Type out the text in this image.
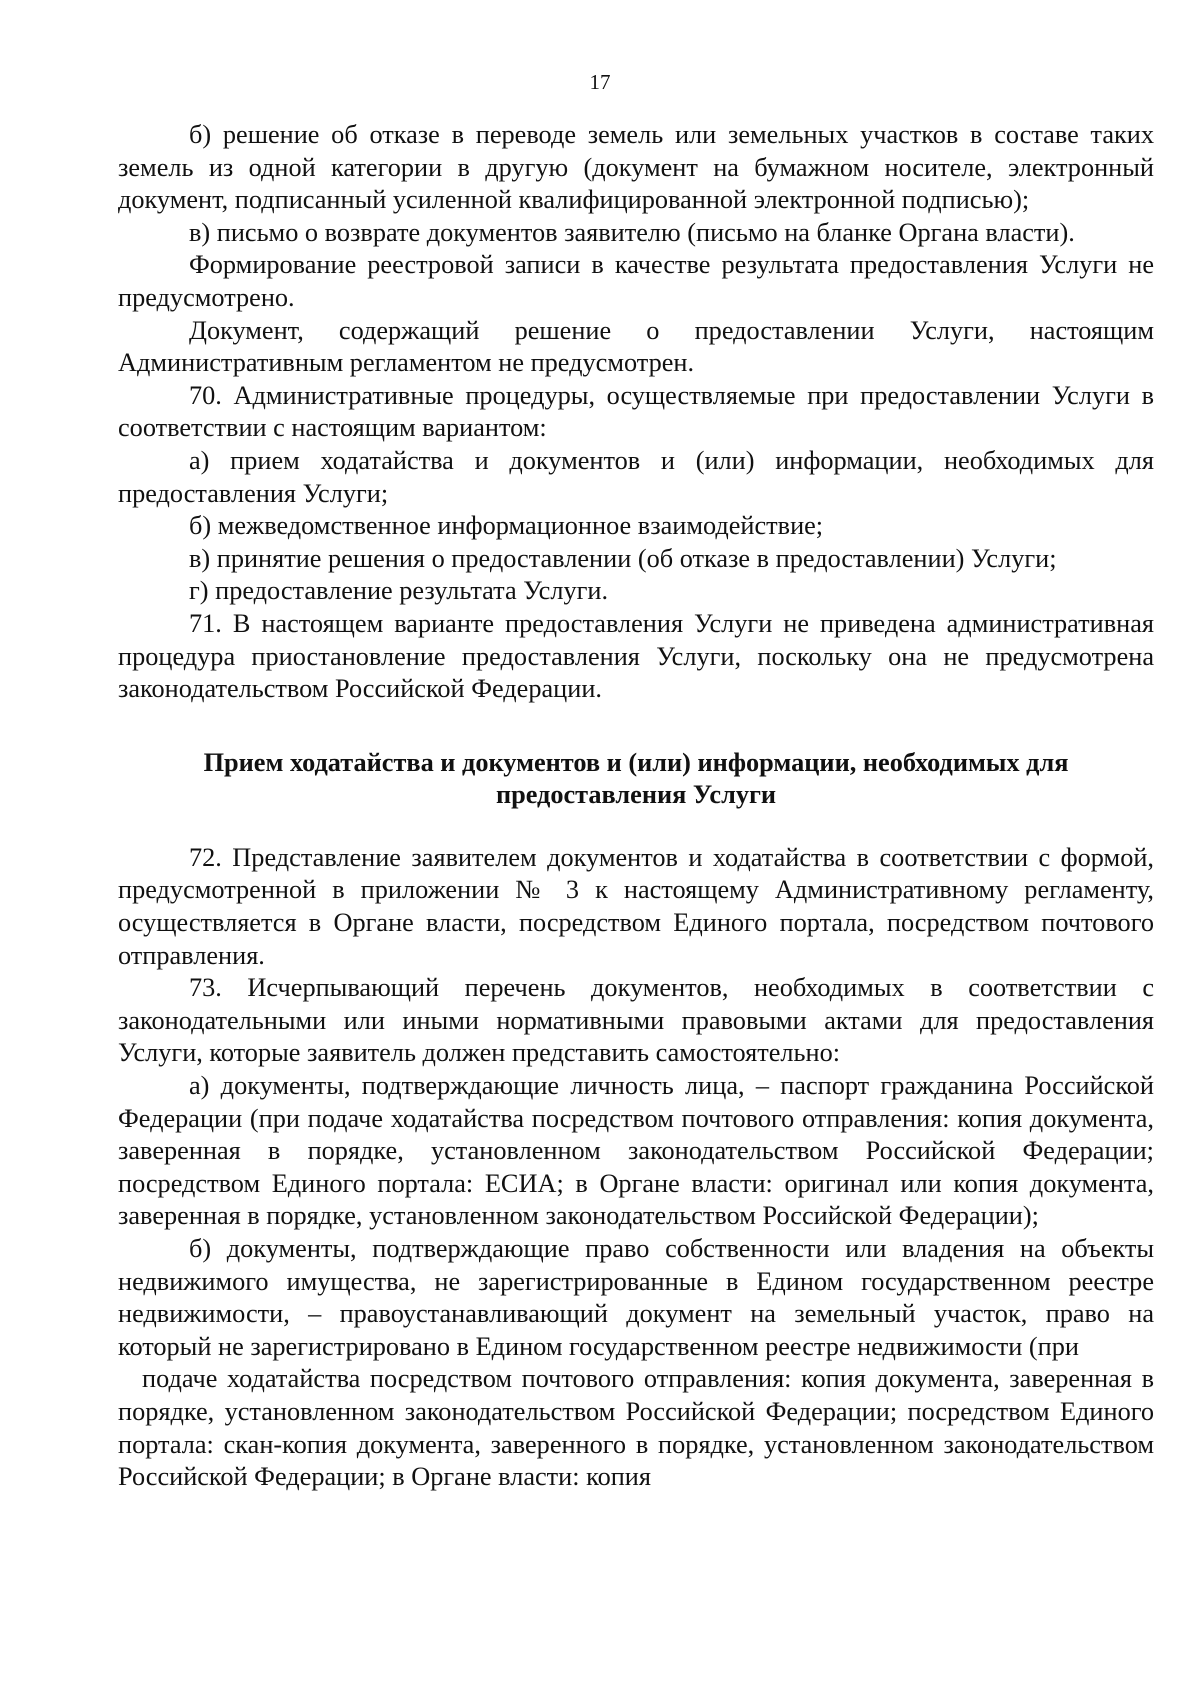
17

б) решение об отказе в переводе земель или земельных участков в составе таких земель из одной категории в другую (документ на бумажном носителе, электронный документ, подписанный усиленной квалифицированной электронной подписью);

в) письмо о возврате документов заявителю (письмо на бланке Органа власти).

Формирование реестровой записи в качестве результата предоставления Услуги не предусмотрено.

Документ, содержащий решение о предоставлении Услуги, настоящим Административным регламентом не предусмотрен.

70. Административные процедуры, осуществляемые при предоставлении Услуги в соответствии с настоящим вариантом:

а) прием ходатайства и документов и (или) информации, необходимых для предоставления Услуги;

б) межведомственное информационное взаимодействие;

в) принятие решения о предоставлении (об отказе в предоставлении) Услуги;

г) предоставление результата Услуги.

71. В настоящем варианте предоставления Услуги не приведена административная процедура приостановление предоставления Услуги, поскольку она не предусмотрена законодательством Российской Федерации.

Прием ходатайства и документов и (или) информации, необходимых для предоставления Услуги

72. Представление заявителем документов и ходатайства в соответствии с формой, предусмотренной в приложении № 3 к настоящему Административному регламенту, осуществляется в Органе власти, посредством Единого портала, посредством почтового отправления.

73. Исчерпывающий перечень документов, необходимых в соответствии с законодательными или иными нормативными правовыми актами для предоставления Услуги, которые заявитель должен представить самостоятельно:

а) документы, подтверждающие личность лица, – паспорт гражданина Российской Федерации (при подаче ходатайства посредством почтового отправления: копия документа, заверенная в порядке, установленном законодательством Российской Федерации; посредством Единого портала: ЕСИА; в Органе власти: оригинал или копия документа, заверенная в порядке, установленном законодательством Российской Федерации);

б) документы, подтверждающие право собственности или владения на объекты недвижимого имущества, не зарегистрированные в Едином государственном реестре недвижимости, – правоустанавливающий документ на земельный участок, право на который не зарегистрировано в Едином государственном реестре недвижимости (при

подаче ходатайства посредством почтового отправления: копия документа, заверенная в порядке, установленном законодательством Российской Федерации; посредством Единого портала: скан-копия документа, заверенного в порядке, установленном законодательством Российской Федерации; в Органе власти: копия
